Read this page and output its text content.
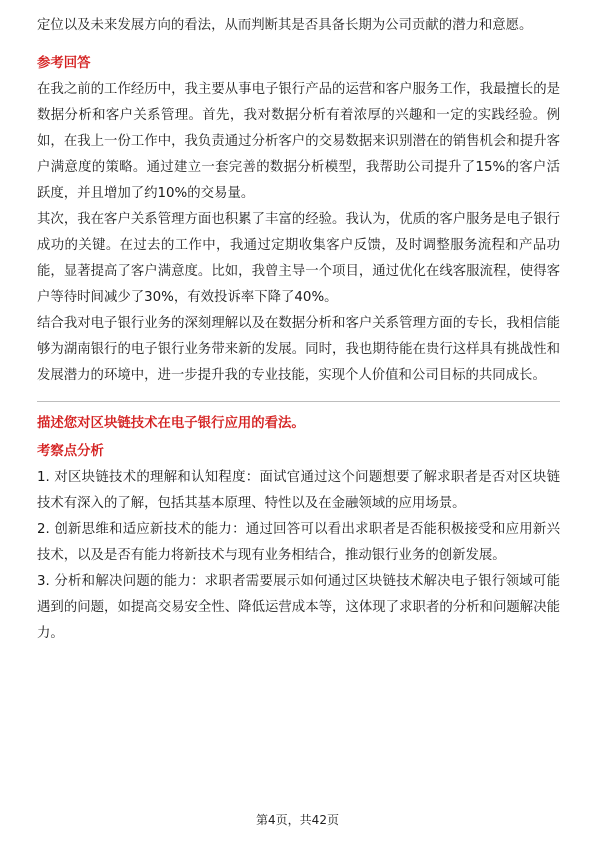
定位以及未来发展方向的看法，从而判断其是否具备长期为公司贡献的潜力和意愿。

参考回答

在我之前的工作经历中，我主要从事电子银行产品的运营和客户服务工作，我最擅长的是数据分析和客户关系管理。首先，我对数据分析有着浓厚的兴趣和一定的实践经验。例如，在我上一份工作中，我负责通过分析客户的交易数据来识别潜在的销售机会和提升客户满意度的策略。通过建立一套完善的数据分析模型，我帮助公司提升了15%的客户活跃度，并且增加了约10%的交易量。

其次，我在客户关系管理方面也积累了丰富的经验。我认为，优质的客户服务是电子银行成功的关键。在过去的工作中，我通过定期收集客户反馈，及时调整服务流程和产品功能，显著提高了客户满意度。比如，我曾主导一个项目，通过优化在线客服流程，使得客户等待时间减少了30%，有效投诉率下降了40%。

结合我对电子银行业务的深刻理解以及在数据分析和客户关系管理方面的专长，我相信能够为湖南银行的电子银行业务带来新的发展。同时，我也期待能在贵行这样具有挑战性和发展潜力的环境中，进一步提升我的专业技能，实现个人价值和公司目标的共同成长。

描述您对区块链技术在电子银行应用的看法。

考察点分析

1. 对区块链技术的理解和认知程度：面试官通过这个问题想要了解求职者是否对区块链技术有深入的了解，包括其基本原理、特性以及在金融领域的应用场景。

2. 创新思维和适应新技术的能力：通过回答可以看出求职者是否能积极接受和应用新兴技术，以及是否有能力将新技术与现有业务相结合，推动银行业务的创新发展。

3. 分析和解决问题的能力：求职者需要展示如何通过区块链技术解决电子银行领域可能遇到的问题，如提高交易安全性、降低运营成本等，这体现了求职者的分析和问题解决能力。

第4页，共42页
